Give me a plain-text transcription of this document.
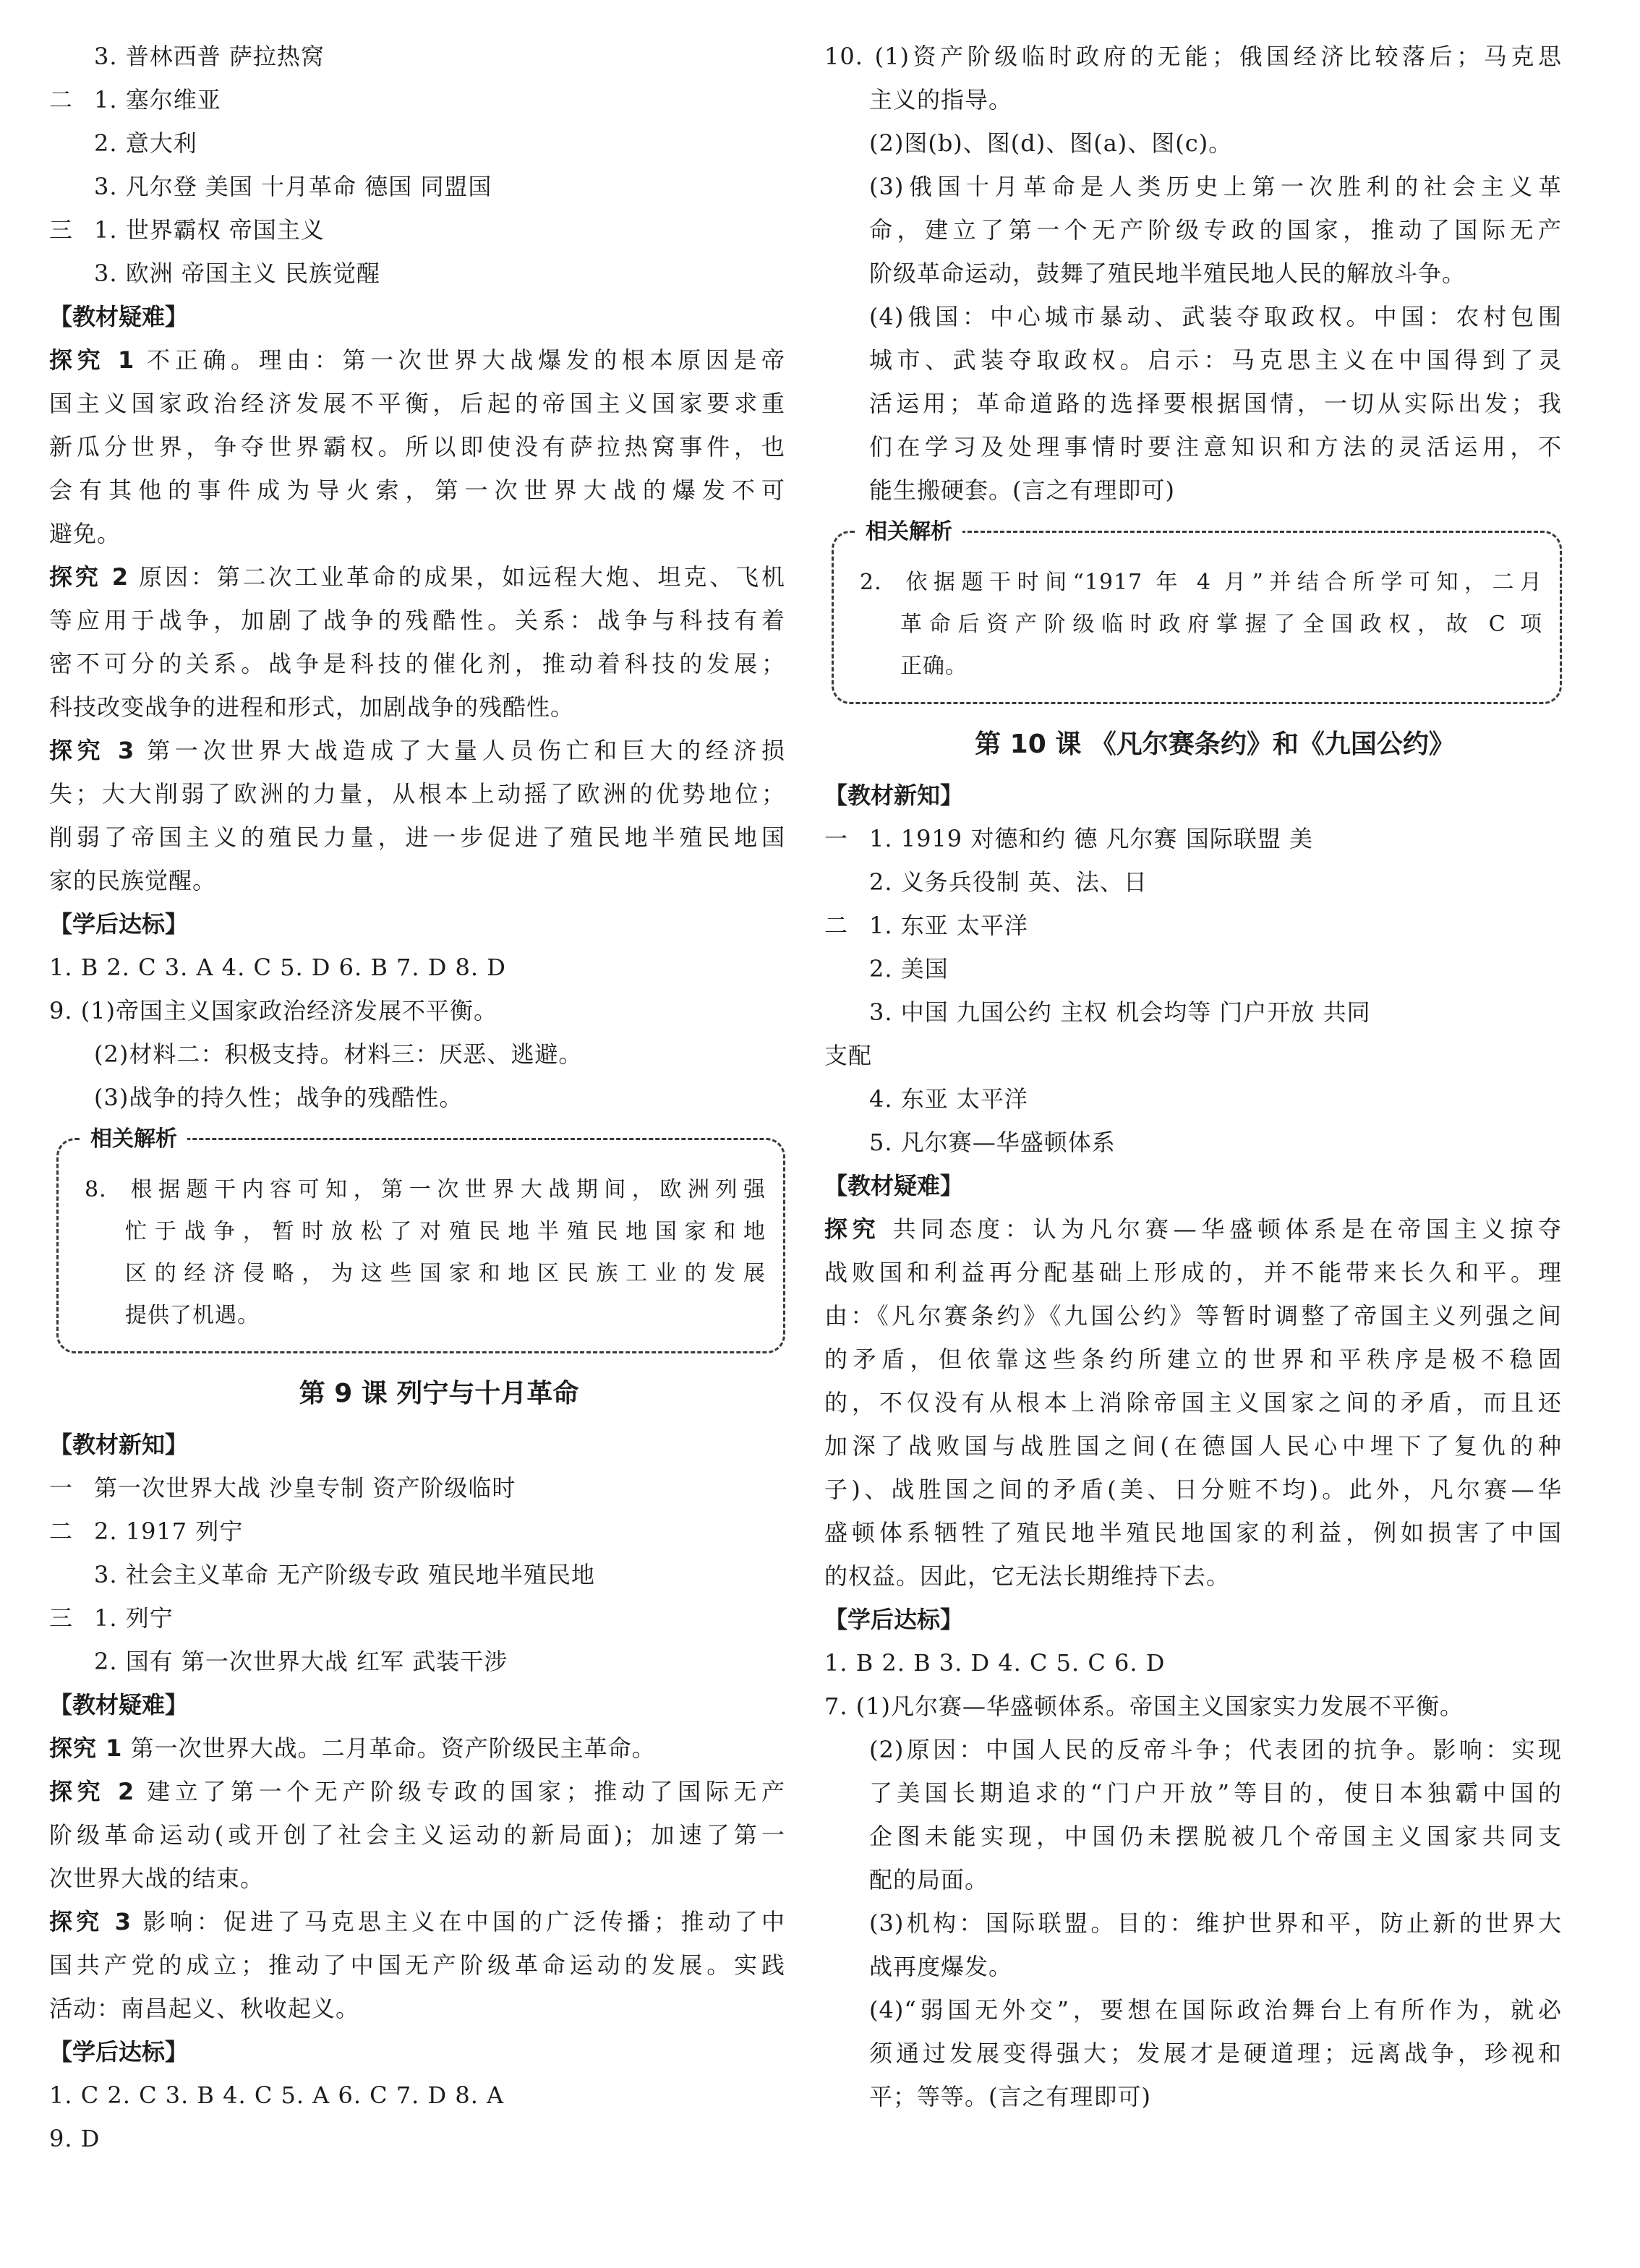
3. 普林西普 萨拉热窝
二 1. 塞尔维亚
2. 意大利
3. 凡尔登 美国 十月革命 德国 同盟国
三 1. 世界霸权 帝国主义
3. 欧洲 帝国主义 民族觉醒
【教材疑难】
探究 1 不正确。理由：第一次世界大战爆发的根本原因是帝
国主义国家政治经济发展不平衡，后起的帝国主义国家要求重
新瓜分世界，争夺世界霸权。所以即使没有萨拉热窝事件，也
会有其他的事件成为导火索，第一次世界大战的爆发不可
避免。
探究 2 原因：第二次工业革命的成果，如远程大炮、坦克、飞机
等应用于战争，加剧了战争的残酷性。关系：战争与科技有着
密不可分的关系。战争是科技的催化剂，推动着科技的发展；
科技改变战争的进程和形式，加剧战争的残酷性。
探究 3 第一次世界大战造成了大量人员伤亡和巨大的经济损
失；大大削弱了欧洲的力量，从根本上动摇了欧洲的优势地位；
削弱了帝国主义的殖民力量，进一步促进了殖民地半殖民地国
家的民族觉醒。
【学后达标】
1. B 2. C 3. A 4. C 5. D 6. B 7. D 8. D
9. (1)帝国主义国家政治经济发展不平衡。
(2)材料二：积极支持。材料三：厌恶、逃避。
(3)战争的持久性；战争的残酷性。
相关解析
8. 根据题干内容可知，第一次世界大战期间，欧洲列强
忙于战争，暂时放松了对殖民地半殖民地国家和地
区的经济侵略，为这些国家和地区民族工业的发展
提供了机遇。
第 9 课 列宁与十月革命
【教材新知】
一 第一次世界大战 沙皇专制 资产阶级临时
二 2. 1917 列宁
3. 社会主义革命 无产阶级专政 殖民地半殖民地
三 1. 列宁
2. 国有 第一次世界大战 红军 武装干涉
【教材疑难】
探究 1 第一次世界大战。二月革命。资产阶级民主革命。
探究 2 建立了第一个无产阶级专政的国家；推动了国际无产
阶级革命运动(或开创了社会主义运动的新局面)；加速了第一
次世界大战的结束。
探究 3 影响：促进了马克思主义在中国的广泛传播；推动了中
国共产党的成立；推动了中国无产阶级革命运动的发展。实践
活动：南昌起义、秋收起义。
【学后达标】
1. C 2. C 3. B 4. C 5. A 6. C 7. D 8. A
9. D
10. (1)资产阶级临时政府的无能；俄国经济比较落后；马克思
主义的指导。
(2)图(b)、图(d)、图(a)、图(c)。
(3)俄国十月革命是人类历史上第一次胜利的社会主义革
命，建立了第一个无产阶级专政的国家，推动了国际无产
阶级革命运动，鼓舞了殖民地半殖民地人民的解放斗争。
(4)俄国：中心城市暴动、武装夺取政权。中国：农村包围
城市、武装夺取政权。启示：马克思主义在中国得到了灵
活运用；革命道路的选择要根据国情，一切从实际出发；我
们在学习及处理事情时要注意知识和方法的灵活运用，不
能生搬硬套。(言之有理即可)
相关解析
2. 依据题干时间“1917 年 4 月”并结合所学可知，二月
革命后资产阶级临时政府掌握了全国政权，故 C 项
正确。
第 10 课 《凡尔赛条约》和《九国公约》
【教材新知】
一 1. 1919 对德和约 德 凡尔赛 国际联盟 美
2. 义务兵役制 英、法、日
二 1. 东亚 太平洋
2. 美国
3. 中国 九国公约 主权 机会均等 门户开放 共同
支配
4. 东亚 太平洋
5. 凡尔赛—华盛顿体系
【教材疑难】
探究 共同态度：认为凡尔赛—华盛顿体系是在帝国主义掠夺
战败国和利益再分配基础上形成的，并不能带来长久和平。理
由：《凡尔赛条约》《九国公约》等暂时调整了帝国主义列强之间
的矛盾，但依靠这些条约所建立的世界和平秩序是极不稳固
的，不仅没有从根本上消除帝国主义国家之间的矛盾，而且还
加深了战败国与战胜国之间(在德国人民心中埋下了复仇的种
子)、战胜国之间的矛盾(美、日分赃不均)。此外，凡尔赛—华
盛顿体系牺牲了殖民地半殖民地国家的利益，例如损害了中国
的权益。因此，它无法长期维持下去。
【学后达标】
1. B 2. B 3. D 4. C 5. C 6. D
7. (1)凡尔赛—华盛顿体系。帝国主义国家实力发展不平衡。
(2)原因：中国人民的反帝斗争；代表团的抗争。影响：实现
了美国长期追求的“门户开放”等目的，使日本独霸中国的
企图未能实现，中国仍未摆脱被几个帝国主义国家共同支
配的局面。
(3)机构：国际联盟。目的：维护世界和平，防止新的世界大
战再度爆发。
(4)“弱国无外交”，要想在国际政治舞台上有所作为，就必
须通过发展变得强大；发展才是硬道理；远离战争，珍视和
平；等等。(言之有理即可)
